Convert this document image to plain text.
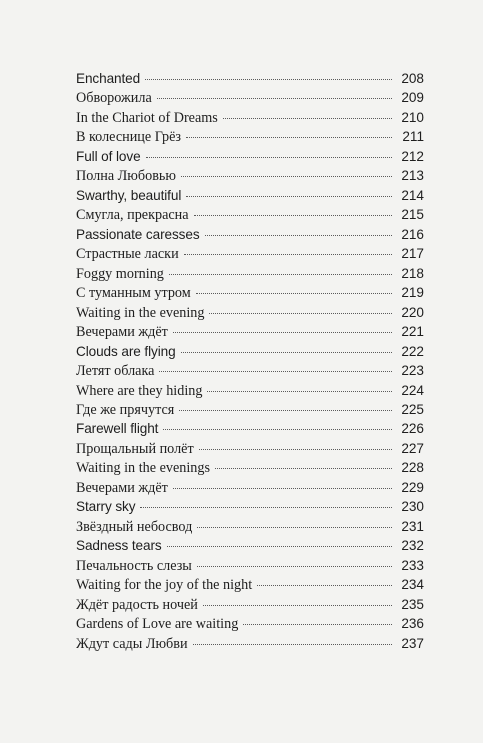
Enchanted	208
Обворожила	209
In the Chariot of Dreams	210
В колеснице Грёз	211
Full of love	212
Полна Любовью	213
Swarthy, beautiful	214
Смугла, прекрасна	215
Passionate caresses	216
Страстные ласки	217
Foggy morning	218
С туманным утром	219
Waiting in the evening	220
Вечерами ждёт	221
Clouds are flying	222
Летят облака	223
Where are they hiding	224
Где же прячутся	225
Farewell flight	226
Прощальный полёт	227
Waiting in the evenings	228
Вечерами ждёт	229
Starry sky	230
Звёздный небосвод	231
Sadness tears	232
Печальность слезы	233
Waiting for the joy of the night	234
Ждёт радость ночей	235
Gardens of Love are waiting	236
Ждут сады Любви	237
